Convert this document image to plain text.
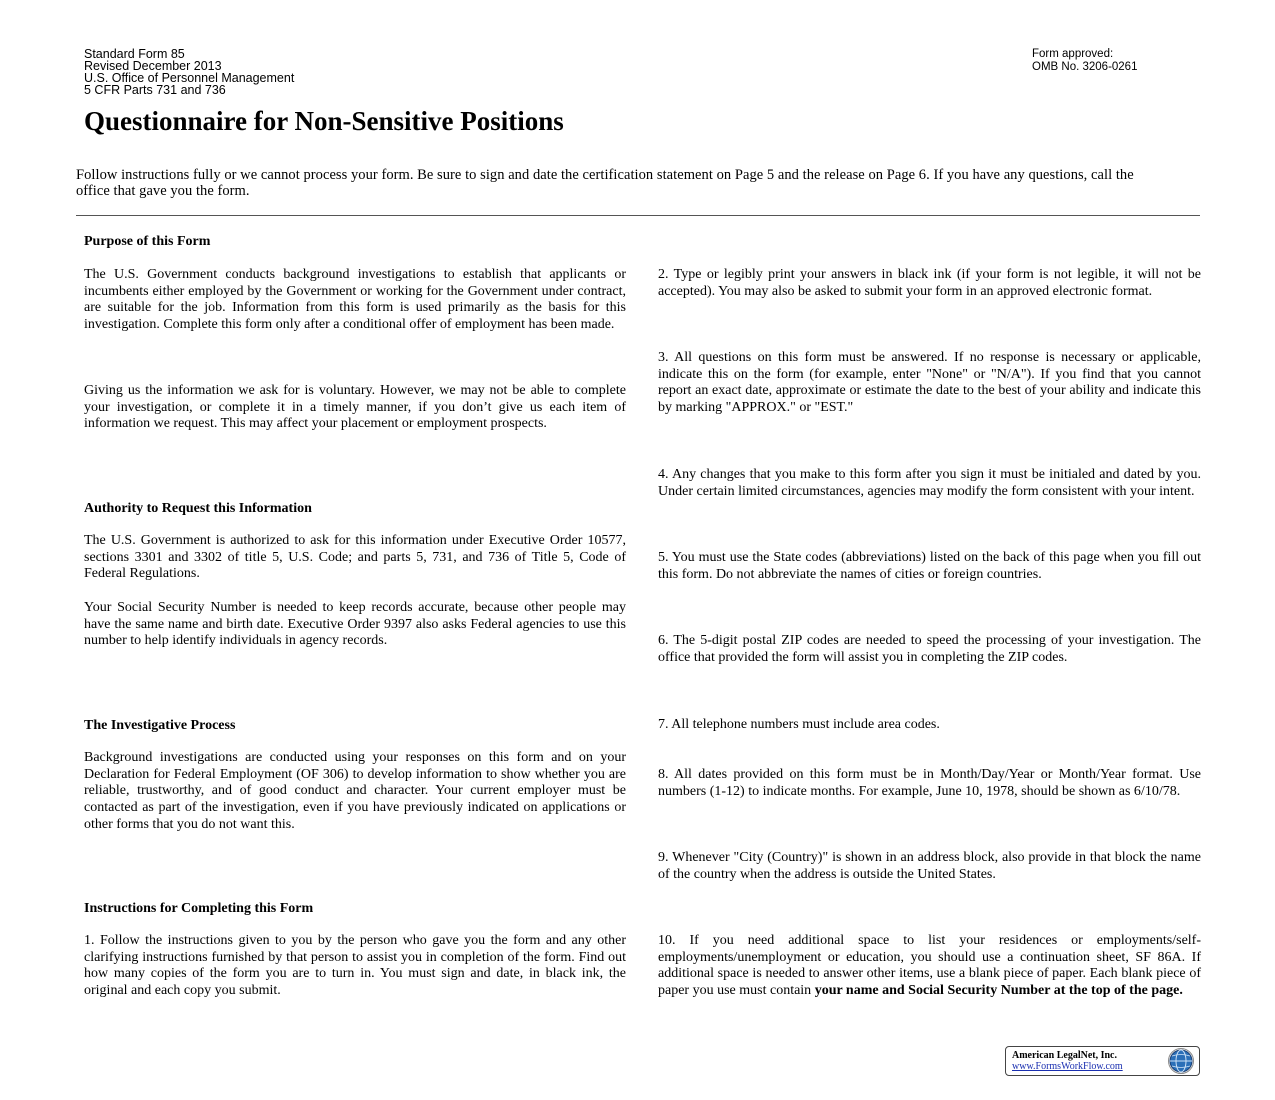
Standard Form 85
Revised December 2013
U.S. Office of Personnel Management
5 CFR Parts 731 and 736
Form approved:
OMB No. 3206-0261
Questionnaire for Non-Sensitive Positions

Follow instructions fully or we cannot process your form. Be sure to sign and date the certification statement on Page 5 and the release on Page 6. If you have any questions, call the office that gave you the form.

Purpose of this Form

The U.S. Government conducts background investigations to establish that applicants or incumbents either employed by the Government or working for the Government under contract, are suitable for the job. Information from this form is used primarily as the basis for this investigation. Complete this form only after a conditional offer of employment has been made.

Giving us the information we ask for is voluntary. However, we may not be able to complete your investigation, or complete it in a timely manner, if you don’t give us each item of information we request. This may affect your placement or employment prospects.

Authority to Request this Information

The U.S. Government is authorized to ask for this information under Executive Order 10577, sections 3301 and 3302 of title 5, U.S. Code; and parts 5, 731, and 736 of Title 5, Code of Federal Regulations.

Your Social Security Number is needed to keep records accurate, because other people may have the same name and birth date. Executive Order 9397 also asks Federal agencies to use this number to help identify individuals in agency records.

The Investigative Process

Background investigations are conducted using your responses on this form and on your Declaration for Federal Employment (OF 306) to develop information to show whether you are reliable, trustworthy, and of good conduct and character. Your current employer must be contacted as part of the investigation, even if you have previously indicated on applications or other forms that you do not want this.

Instructions for Completing this Form

1. Follow the instructions given to you by the person who gave you the form and any other clarifying instructions furnished by that person to assist you in completion of the form. Find out how many copies of the form you are to turn in. You must sign and date, in black ink, the original and each copy you submit.

2. Type or legibly print your answers in black ink (if your form is not legible, it will not be accepted). You may also be asked to submit your form in an approved electronic format.

3. All questions on this form must be answered. If no response is necessary or applicable, indicate this on the form (for example, enter "None" or "N/A"). If you find that you cannot report an exact date, approximate or estimate the date to the best of your ability and indicate this by marking "APPROX." or "EST."

4. Any changes that you make to this form after you sign it must be initialed and dated by you. Under certain limited circumstances, agencies may modify the form consistent with your intent.

5. You must use the State codes (abbreviations) listed on the back of this page when you fill out this form. Do not abbreviate the names of cities or foreign countries.

6. The 5-digit postal ZIP codes are needed to speed the processing of your investigation. The office that provided the form will assist you in completing the ZIP codes.

7. All telephone numbers must include area codes.

8. All dates provided on this form must be in Month/Day/Year or Month/Year format. Use numbers (1-12) to indicate months. For example, June 10, 1978, should be shown as 6/10/78.

9. Whenever "City (Country)" is shown in an address block, also provide in that block the name of the country when the address is outside the United States.

10. If you need additional space to list your residences or employments/self-employments/unemployment or education, you should use a continuation sheet, SF 86A. If additional space is needed to answer other items, use a blank piece of paper. Each blank piece of paper you use must contain your name and Social Security Number at the top of the page.

American LegalNet, Inc.
www.FormsWorkFlow.com
